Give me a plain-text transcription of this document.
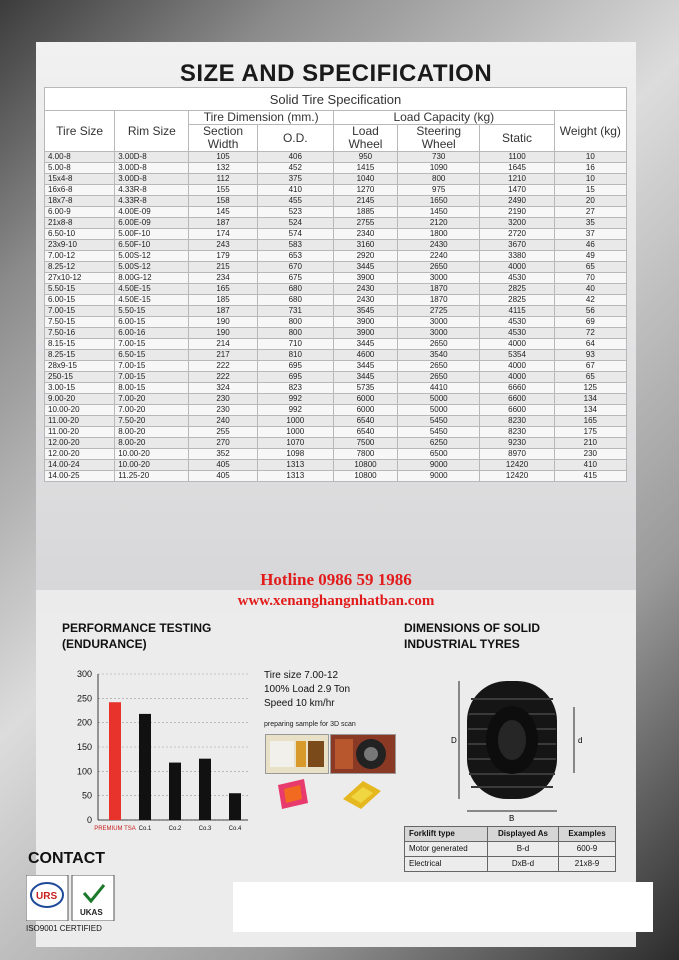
SIZE AND SPECIFICATION
Solid Tire Specification							
Tire Size	Rim Size	Tire Dimension (mm.)		Load Capacity (kg)			Weight (kg)
		Section Width	O.D.	Load Wheel	Steering Wheel	Static	
4.00-8	3.00D-8	105	406	950	730	1100	10
5.00-8	3.00D-8	132	452	1415	1090	1645	16
15x4-8	3.00D-8	112	375	1040	800	1210	10
16x6-8	4.33R-8	155	410	1270	975	1470	15
18x7-8	4.33R-8	158	455	2145	1650	2490	20
6.00-9	4.00E-09	145	523	1885	1450	2190	27
21x8-8	6.00E-09	187	524	2755	2120	3200	35
6.50-10	5.00F-10	174	574	2340	1800	2720	37
23x9-10	6.50F-10	243	583	3160	2430	3670	46
7.00-12	5.00S-12	179	653	2920	2240	3380	49
8.25-12	5.00S-12	215	670	3445	2650	4000	65
27x10-12	8.00G-12	234	675	3900	3000	4530	70
5.50-15	4.50E-15	165	680	2430	1870	2825	40
6.00-15	4.50E-15	185	680	2430	1870	2825	42
7.00-15	5.50-15	187	731	3545	2725	4115	56
7.50-15	6.00-15	190	800	3900	3000	4530	69
7.50-16	6.00-16	190	800	3900	3000	4530	72
8.15-15	7.00-15	214	710	3445	2650	4000	64
8.25-15	6.50-15	217	810	4600	3540	5354	93
28x9-15	7.00-15	222	695	3445	2650	4000	67
250-15	7.00-15	222	695	3445	2650	4000	65
3.00-15	8.00-15	324	823	5735	4410	6660	125
9.00-20	7.00-20	230	992	6000	5000	6600	134
10.00-20	7.00-20	230	992	6000	5000	6600	134
11.00-20	7.50-20	240	1000	6540	5450	8230	165
11.00-20	8.00-20	255	1000	6540	5450	8230	175
12.00-20	8.00-20	270	1070	7500	6250	9230	210
12.00-20	10.00-20	352	1098	7800	6500	8970	230
14.00-24	10.00-20	405	1313	10800	9000	12420	410
14.00-25	11.25-20	405	1313	10800	9000	12420	415
Hotline 0986 59 1986
www.xenanghangnhatban.com
PERFORMANCE TESTING
(ENDURANCE)
0
50
100
150
200
250
300
PREMIUM TSA Co.1	Co.2	Co.3	Co.4
Tire size 7.00-12
100% Load 2.9 Ton
Speed 10 km/hr
preparing sample for 3D scan
DIMENSIONS OF SOLID
INDUSTRIAL TYRES
D	d
B
Forklift type	Displayed As	Examples
Motor generated	B-d	600-9
Electrical	DxB-d	21x8-9
CONTACT
URS
UKAS
ISO9001 CERTIFIED
